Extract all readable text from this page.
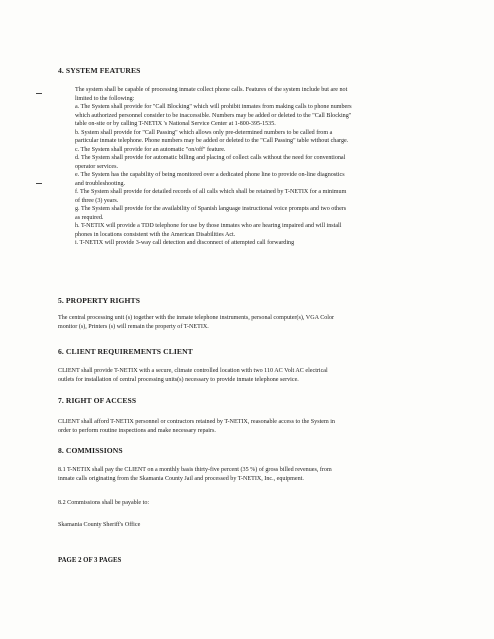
4. SYSTEM FEATURES
The system shall be capable of processing inmate collect phone calls. Features of the system include but are not
limited to the following:
a. The System shall provide for "Call Blocking" which will prohibit inmates from making calls to phone numbers
which authorized personnel consider to be inaccessible. Numbers may be added or deleted to the "Call Blocking"
table on-site or by calling T-NETIX 's National Service Center at 1-800-395-1535.
b. System shall provide for "Call Passing" which allows only pre-determined numbers to be called from a
particular inmate telephone. Phone numbers may be added or deleted to the "Call Passing" table without charge.
c. The System shall provide for an automatic "on/off" feature.
d. The System shall provide for automatic billing and placing of collect calls without the need for conventional
operator services.
e. The System has the capability of being monitored over a dedicated phone line to provide on-line diagnostics
and troubleshooting.
f. The System shall provide for detailed records of all calls which shall be retained by T-NETIX for a minimum
of three (3) years.
g. The System shall provide for the availability of Spanish language instructional voice prompts and two others
as required.
h. T-NETIX will provide a TDD telephone for use by those inmates who are hearing impaired and will install
phones in locations consistent with the American Disabilities Act.
i. T-NETIX will provide 3-way call detection and disconnect of attempted call forwarding
5. PROPERTY RIGHTS
The central processing unit (s) together with the inmate telephone instruments, personal computer(s), VGA Color
monitor (s), Printers (s) will remain the property of T-NETIX.
6. CLIENT REQUIREMENTS CLIENT
CLIENT shall provide T-NETIX with a secure, climate controlled location with two 110 AC Volt AC electrical
outlets for installation of central processing units(s) necessary to provide inmate telephone service.
7. RIGHT OF ACCESS
CLIENT shall afford T-NETIX personnel or contractors retained by T-NETIX, reasonable access to the System in
order to perform routine inspections and make necessary repairs.
8. COMMISSIONS
8.1 T-NETIX shall pay the CLIENT on a monthly basis thirty-five percent (35 %) of gross billed revenues, from
inmate calls originating from the Skamania County Jail and processed by T-NETIX, Inc., equipment.
8.2 Commissions shall be payable to:
Skamania County Sheriff's Office
PAGE 2 OF 3 PAGES
